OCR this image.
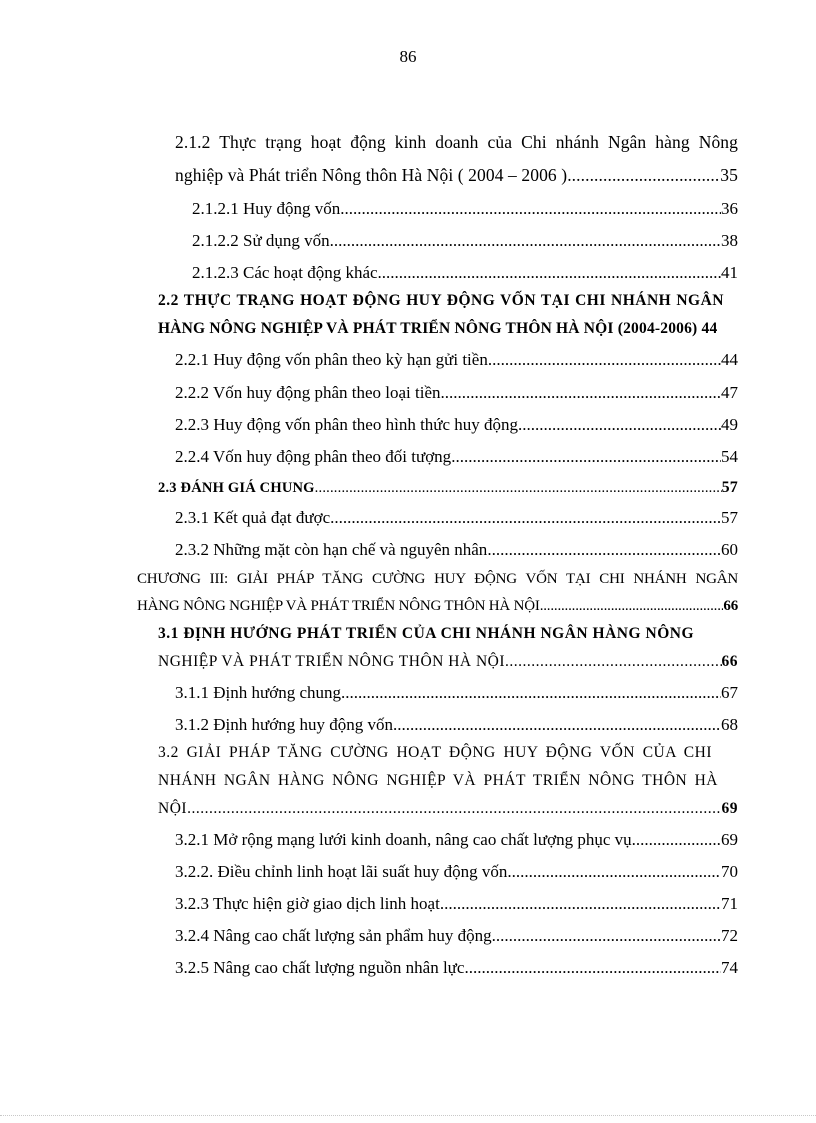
86
2.1.2 Thực trạng hoạt động kinh doanh của Chi nhánh Ngân hàng Nông
nghiệp và Phát triển Nông thôn Hà Nội ( 2004 – 2006 ) .....	35
2.1.2.1 Huy động vốn .....	36
2.1.2.2 Sử dụng vốn .....	38
2.1.2.3 Các hoạt động khác .....	41
2.2 THỰC TRẠNG HOẠT ĐỘNG HUY ĐỘNG VỐN TẠI CHI NHÁNH NGÂN
HÀNG NÔNG NGHIỆP VÀ PHÁT TRIỂN NÔNG THÔN HÀ NỘI (2004-2006) 44
2.2.1 Huy động vốn phân theo kỳ hạn gửi tiền .....	44
2.2.2 Vốn huy động phân theo loại tiền .....	47
2.2.3 Huy động vốn phân theo hình thức huy động .....	49
2.2.4 Vốn huy động phân theo đối tượng .....	54
2.3 ĐÁNH GIÁ CHUNG .....	57
2.3.1 Kết quả đạt được .....	57
2.3.2 Những mặt còn hạn chế và nguyên nhân .....	60
CHƯƠNG III: GIẢI PHÁP TĂNG CƯỜNG HUY ĐỘNG VỐN TẠI CHI NHÁNH NGÂN
HÀNG NÔNG NGHIỆP VÀ PHÁT TRIỂN NÔNG THÔN HÀ NỘI .....	66
3.1 ĐỊNH HƯỚNG PHÁT TRIỂN CỦA CHI NHÁNH NGÂN HÀNG NÔNG
NGHIỆP VÀ PHÁT TRIỂN NÔNG THÔN HÀ NỘI .....	66
3.1.1 Định hướng chung .....	67
3.1.2 Định hướng huy động vốn .....	68
3.2 GIẢI PHÁP TĂNG CƯỜNG HOẠT ĐỘNG HUY ĐỘNG VỐN CỦA CHI
NHÁNH NGÂN HÀNG NÔNG NGHIỆP VÀ PHÁT TRIỂN NÔNG THÔN HÀ
NỘI .....	69
3.2.1 Mở rộng mạng lưới kinh doanh, nâng cao chất lượng phục vụ .....	69
3.2.2. Điều chỉnh linh hoạt lãi suất huy động vốn .....	70
3.2.3 Thực hiện giờ giao dịch linh hoạt .....	71
3.2.4 Nâng cao chất lượng sản phẩm huy động .....	72
3.2.5 Nâng cao chất lượng nguồn nhân lực .....	74
